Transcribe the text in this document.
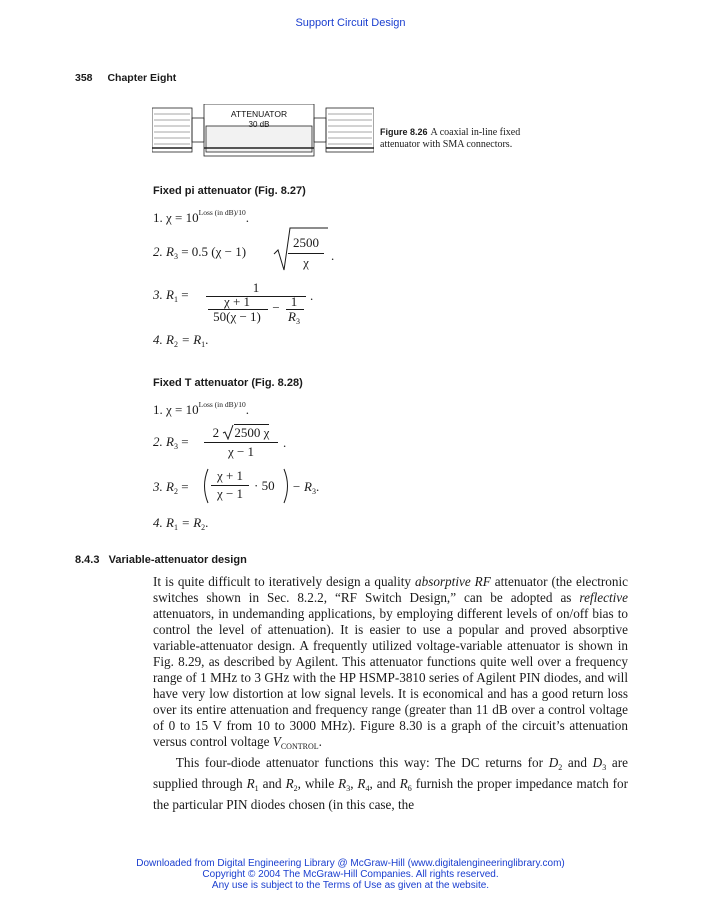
Support Circuit Design
358 Chapter Eight
ATTENUATOR
30 dB
Figure 8.26 A coaxial in-line fixed attenuator with SMA connectors.
Fixed pi attenuator (Fig. 8.27)
1. $\chi = 10^{Loss (in dB)/10}$.
2. $R_3 = 0.5$ (χ − 1)
2500
χ	.
3. $R_1$ =	1
χ + 1
50(χ − 1)
− 1
$R_3$
.
4. $R_2 = R_1$.
Fixed T attenuator (Fig. 8.28)
1. $\chi = 10^{Loss (in dB)/10}$.
2. $R_3$ =
2 2500 χ
χ − 1
.
3. $R_2$ =
χ + 1
χ − 1
· $50 - R_3$.
4. $R_1 = R_2$.
8.4.3 Variable-attenuator design

It is quite difficult to iteratively design a quality absorptive RF attenuator (the electronic switches shown in Sec. 8.2.2, “RF Switch Design,” can be adopted as reflective attenuators, in undemanding applications, by employing different levels of on/off bias to control the level of attenuation). It is easier to use a popular and proved absorptive variable-attenuator design. A frequently utilized voltage-variable attenuator is shown in Fig. 8.29, as described by Agilent. This attenuator functions quite well over a frequency range of 1 MHz to 3 GHz with the HP HSMP-3810 series of Agilent PIN diodes, and will have very low distortion at low signal levels. It is economical and has a good return loss over its entire attenuation and frequency range (greater than 11 dB over a control voltage of 0 to 15 V from 10 to 3000 MHz). Figure 8.30 is a graph of the circuit’s attenuation versus control voltage $V_{CONTROL}$.

This four-diode attenuator functions this way: The DC returns for $D_2$ and $D_3$ are supplied through $R_1$ and $R_2$, while $R_3$, $R_4$, and $R_6$ furnish the proper impedance match for the particular PIN diodes chosen (in this case, the

Downloaded from Digital Engineering Library @ McGraw-Hill (www.digitalengineeringlibrary.com)
Copyright © 2004 The McGraw-Hill Companies. All rights reserved.
Any use is subject to the Terms of Use as given at the website.
